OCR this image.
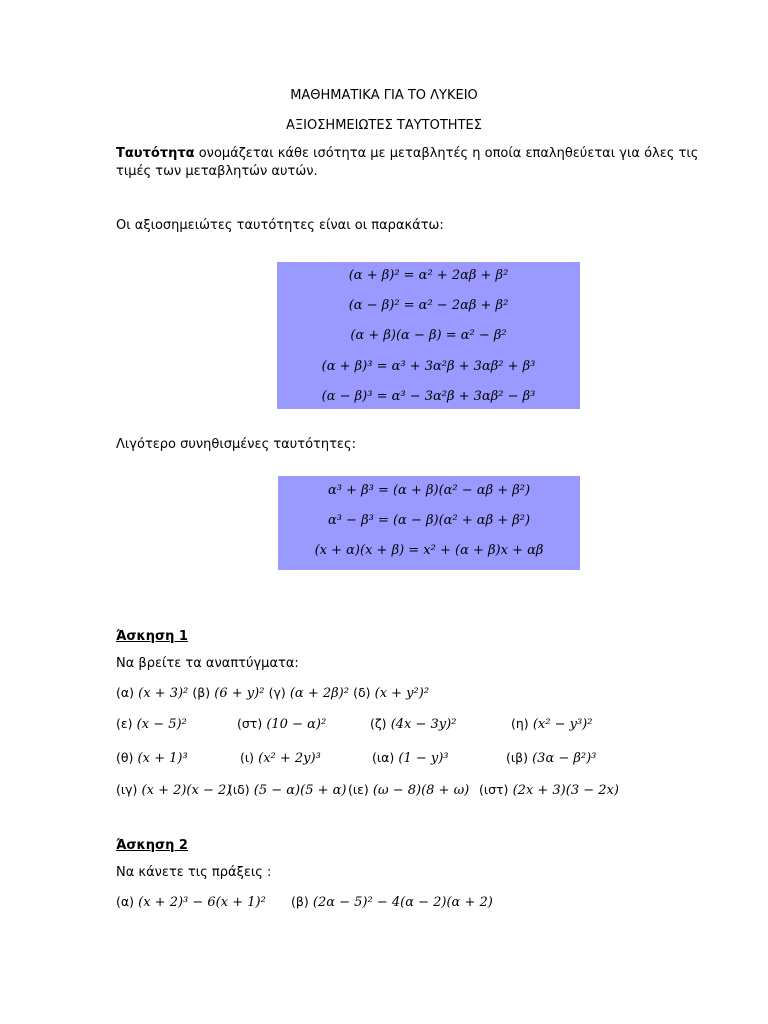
ΜΑΘΗΜΑΤΙΚΑ ΓΙΑ ΤΟ ΛΥΚΕΙΟ
ΑΞΙΟΣΗΜΕΙΩΤΕΣ ΤΑΥΤΟΤΗΤΕΣ
Ταυτότητα ονομάζεται κάθε ισότητα με μεταβλητές η οποία επαληθεύεται για όλες τις
τιμές των μεταβλητών αυτών.
Οι αξιοσημειώτες ταυτότητες είναι οι παρακάτω:
(α + β)² = α² + 2αβ + β²
(α − β)² = α² − 2αβ + β²
(α + β)(α − β) = α² − β²
(α + β)³ = α³ + 3α²β + 3αβ² + β³
(α − β)³ = α³ − 3α²β + 3αβ² − β³
Λιγότερο συνηθισμένες ταυτότητες:
α³ + β³ = (α + β)(α² − αβ + β²)
α³ − β³ = (α − β)(α² + αβ + β²)
(x + α)(x + β) = x² + (α + β)x + αβ
Άσκηση 1
Να βρείτε τα αναπτύγματα:
(α) (x + 3)² (β) (6 + y)² (γ) (α + 2β)² (δ) (x + y²)²
(ε) (x − 5)²	(στ) (10 − α)²	(ζ) (4x − 3y)²	(η) (x² − y³)²
(θ) (x + 1)³	(ι) (x² + 2y)³	(ια) (1 − y)³	(ιβ) (3α − β²)³
(ιγ) (x + 2)(x − 2)
(ιδ) (5 − α)(5 + α) (ιε) (ω − 8)(8 + ω) (ιστ) (2x + 3)(3 − 2x)
Άσκηση 2
Να κάνετε τις πράξεις :
(α) (x + 2)³ − 6(x + 1)² (β) (2α − 5)² − 4(α − 2)(α + 2)
